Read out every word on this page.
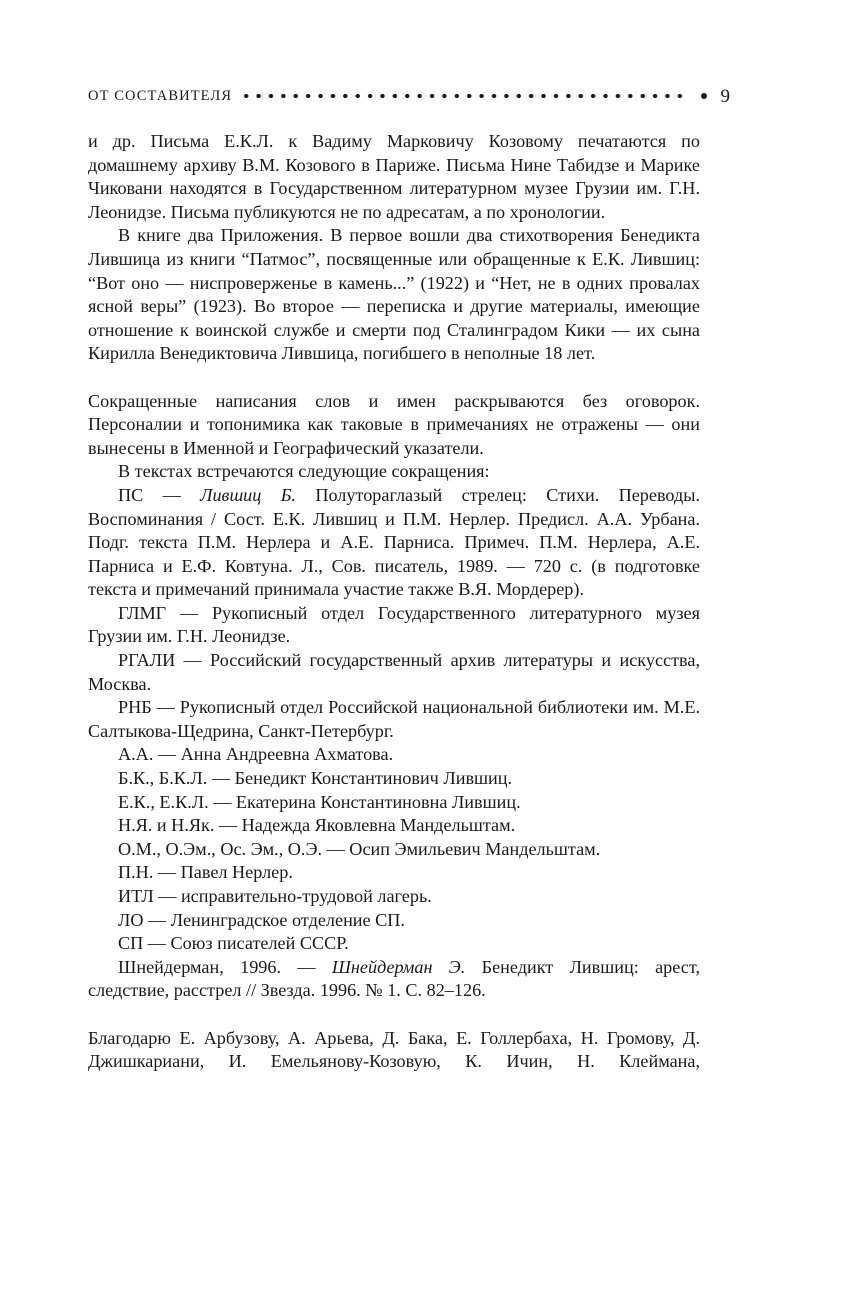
ОТ СОСТАВИТЕЛЯ	9

и др. Письма Е.К.Л. к Вадиму Марковичу Козовому печатаются по домашнему архиву В.М. Козового в Париже. Письма Нине Табидзе и Марике Чиковани находятся в Государственном литературном музее Грузии им. Г.Н. Леонидзе. Письма публикуются не по адресатам, а по хронологии.

В книге два Приложения. В первое вошли два стихотворения Бенедикта Лившица из книги “Патмос”, посвященные или обращенные к Е.К. Лившиц: “Вот оно — ниспроверженье в камень...” (1922) и “Нет, не в одних провалах ясной веры” (1923). Во второе — переписка и другие материалы, имеющие отношение к воинской службе и смерти под Сталинградом Кики — их сына Кирилла Венедиктовича Лившица, погибшего в неполные 18 лет.

Сокращенные написания слов и имен раскрываются без оговорок. Персоналии и топонимика как таковые в примечаниях не отражены — они вынесены в Именной и Географический указатели.

В текстах встречаются следующие сокращения:

ПС — Лившиц Б. Полутораглазый стрелец: Стихи. Переводы. Воспоминания / Сост. Е.К. Лившиц и П.М. Нерлер. Предисл. А.А. Урбана. Подг. текста П.М. Нерлера и А.Е. Парниса. Примеч. П.М. Нерлера, А.Е. Парниса и Е.Ф. Ковтуна. Л., Сов. писатель, 1989. — 720 с. (в подготовке текста и примечаний принимала участие также В.Я. Мордерер).

ГЛМГ — Рукописный отдел Государственного литературного музея Грузии им. Г.Н. Леонидзе.

РГАЛИ — Российский государственный архив литературы и искусства, Москва.

РНБ — Рукописный отдел Российской национальной библиотеки им. М.Е. Салтыкова-Щедрина, Санкт-Петербург.

А.А. — Анна Андреевна Ахматова.

Б.К., Б.К.Л. — Бенедикт Константинович Лившиц.

Е.К., Е.К.Л. — Екатерина Константиновна Лившиц.

Н.Я. и Н.Як. — Надежда Яковлевна Мандельштам.

О.М., О.Эм., Ос. Эм., О.Э. — Осип Эмильевич Мандельштам.

П.Н. — Павел Нерлер.

ИТЛ — исправительно-трудовой лагерь.

ЛО — Ленинградское отделение СП.

СП — Союз писателей СССР.

Шнейдерман, 1996. — Шнейдерман Э. Бенедикт Лившиц: арест, следствие, расстрел // Звезда. 1996. № 1. С. 82–126.

Благодарю Е. Арбузову, А. Арьева, Д. Бака, Е. Голлербаха, Н. Громову, Д. Джишкариани, И. Емельянову-Козовую, К. Ичин, Н. Клеймана,
